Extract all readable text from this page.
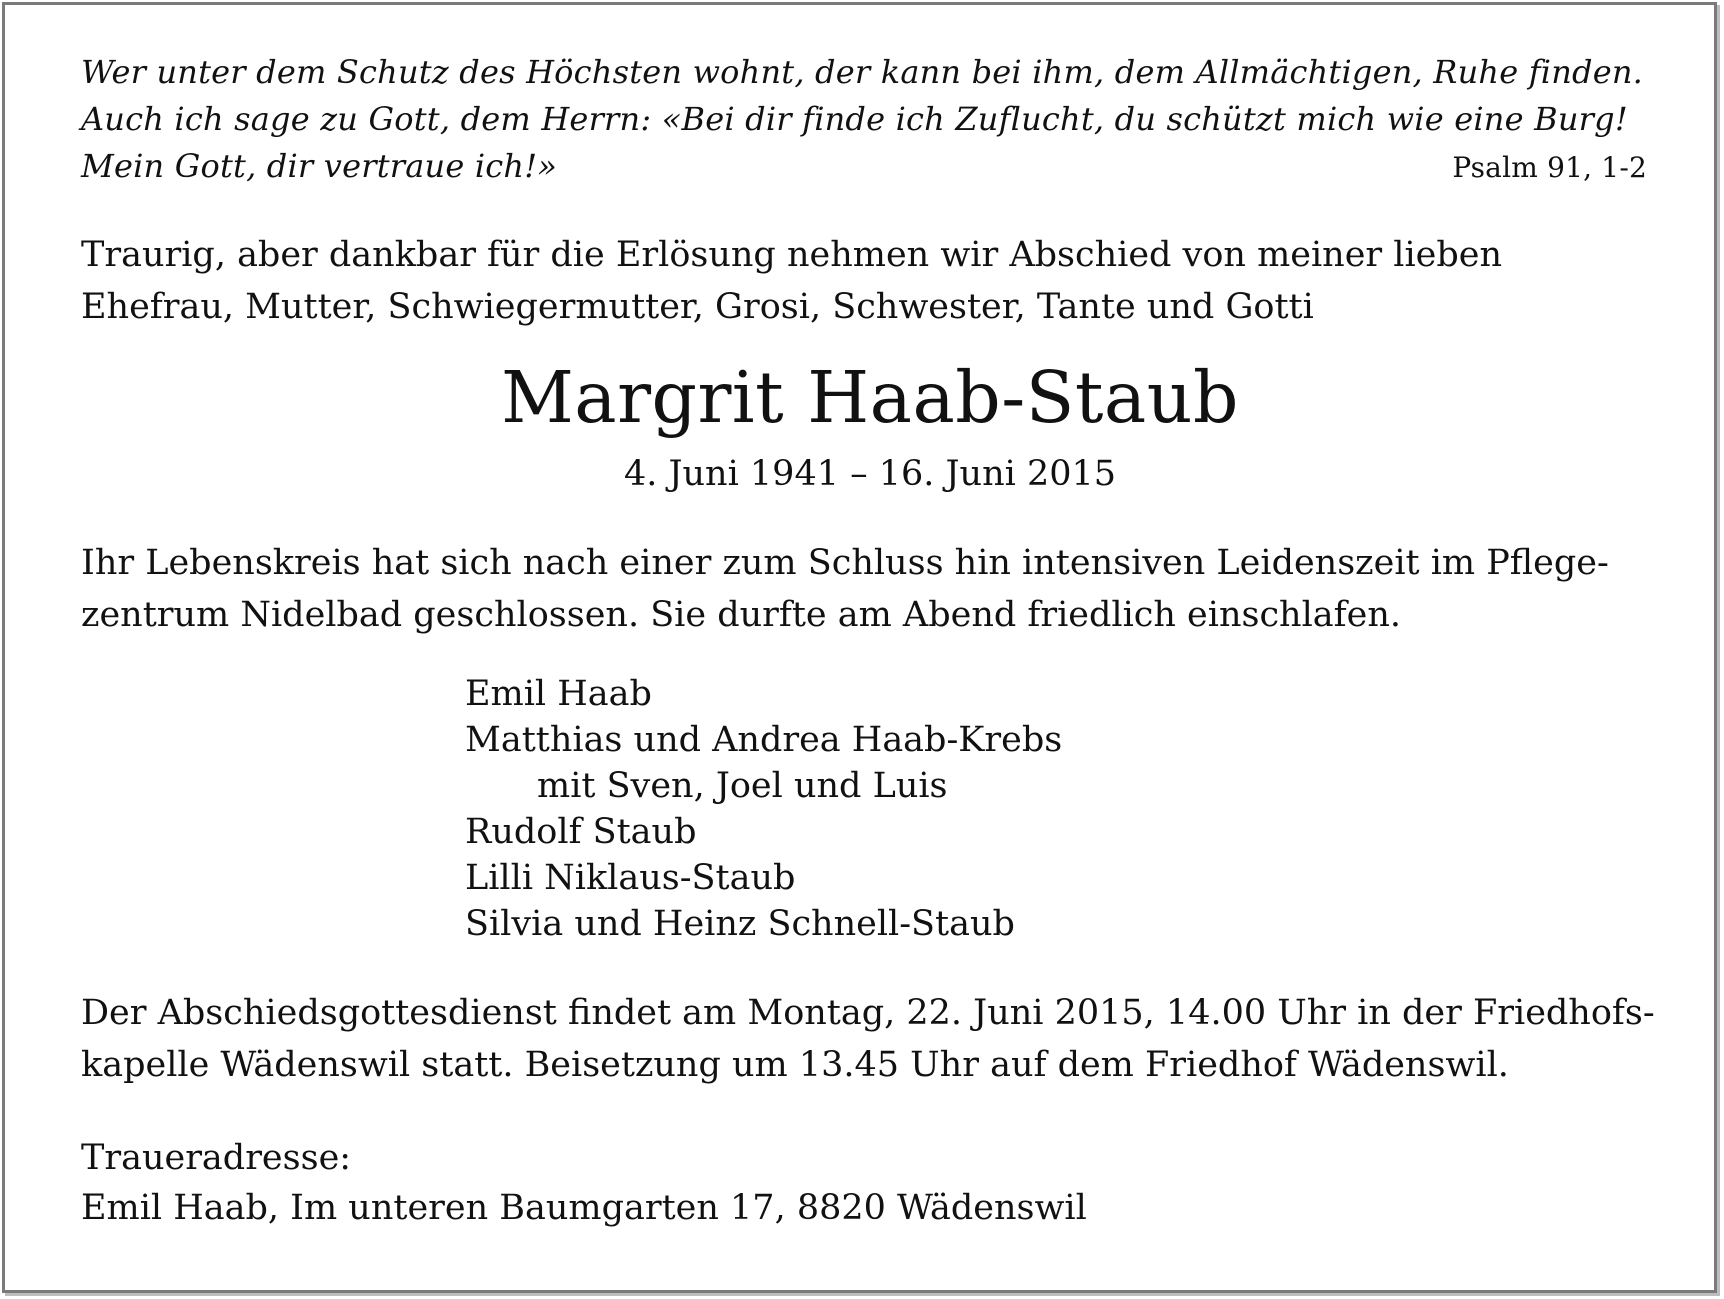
Wer unter dem Schutz des Höchsten wohnt, der kann bei ihm, dem Allmächtigen, Ruhe finden.
Auch ich sage zu Gott, dem Herrn: «Bei dir finde ich Zuflucht, du schützt mich wie eine Burg!
Mein Gott, dir vertraue ich!»	Psalm 91, 1-2
Traurig, aber dankbar für die Erlösung nehmen wir Abschied von meiner lieben
Ehefrau, Mutter, Schwiegermutter, Grosi, Schwester, Tante und Gotti
Margrit Haab-Staub
4. Juni 1941 – 16. Juni 2015
Ihr Lebenskreis hat sich nach einer zum Schluss hin intensiven Leidenszeit im Pflege-
zentrum Nidelbad geschlossen. Sie durfte am Abend friedlich einschlafen.
Emil Haab
Matthias und Andrea Haab-Krebs
mit Sven, Joel und Luis
Rudolf Staub
Lilli Niklaus-Staub
Silvia und Heinz Schnell-Staub
Der Abschiedsgottesdienst findet am Montag, 22. Juni 2015, 14.00 Uhr in der Friedhofs-
kapelle Wädenswil statt. Beisetzung um 13.45 Uhr auf dem Friedhof Wädenswil.
Traueradresse:
Emil Haab, Im unteren Baumgarten 17, 8820 Wädenswil
